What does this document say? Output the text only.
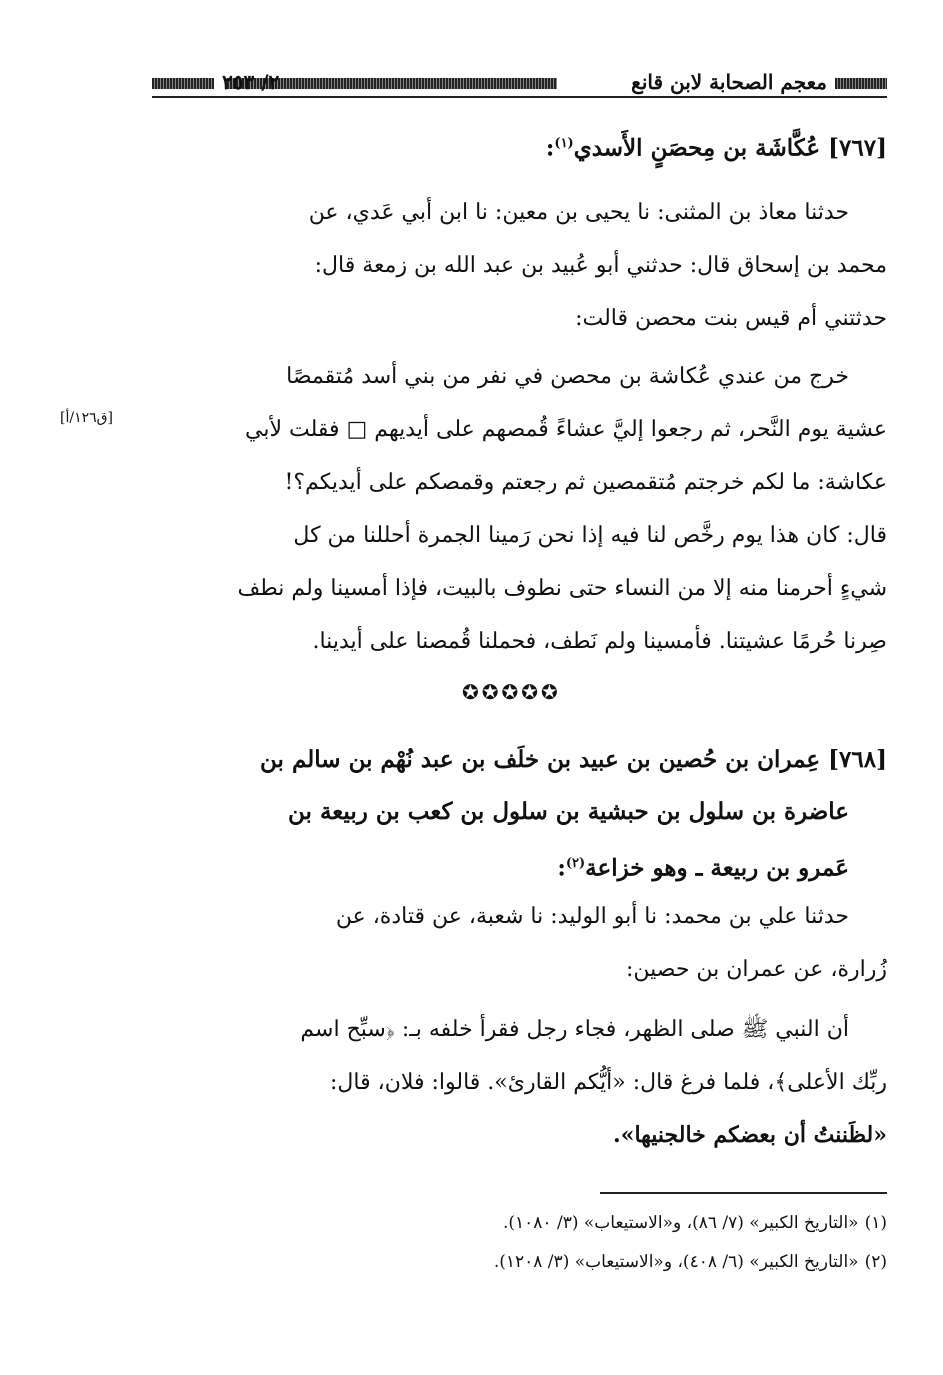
معجم الصحابة لابن قانع
٢/ ٢٥٣
[٧٦٧] عُكَّاشَة بن مِحصَنٍ الأَسدي$^{(١)}$:
حدثنا معاذ بن المثنى: نا يحيى بن معين: نا ابن أبي عَدي، عن
محمد بن إسحاق قال: حدثني أبو عُبيد بن عبد الله بن زمعة قال:
حدثتني أم قيس بنت محصن قالت:
خرج من عندي عُكاشة بن محصن في نفر من بني أسد مُتقمصًا
عشية يوم النَّحر، ثم رجعوا إليَّ عشاءً قُمصهم على أيديهم □ فقلت لأبي
عكاشة: ما لكم خرجتم مُتقمصين ثم رجعتم وقمصكم على أيديكم؟!
قال: كان هذا يوم رخَّص لنا فيه إذا نحن رَمينا الجمرة أحللنا من كل
شيءٍ أحرمنا منه إلا من النساء حتى نطوف بالبيت، فإذا أمسينا ولم نطف
صِرنا حُرمًا عشيتنا. فأمسينا ولم نَطف، فحملنا قُمصنا على أيدينا.
[ق١٢٦/أ]
✪✪✪✪✪
[٧٦٨] عِمران بن حُصين بن عبيد بن خلَف بن عبد نُهْم بن سالم بن
عاضرة بن سلول بن حبشية بن سلول بن كعب بن ربيعة بن
عَمرو بن ربيعة ـ وهو خزاعة$^{(٢)}$:
حدثنا علي بن محمد: نا أبو الوليد: نا شعبة، عن قتادة، عن
زُرارة، عن عمران بن حصين:
أن النبي ﷺ صلى الظهر، فجاء رجل فقرأ خلفه بـ: ﴿سبِّح اسم
ربِّك الأعلى﴾، فلما فرغ قال: «أيُّكم القارئ». قالوا: فلان، قال:
«لظَننتُ أن بعضكم خالجنيها».
(١)«التاريخ الكبير» (٧/ ٨٦)، و«الاستيعاب» (٣/ ١٠٨٠).
(٢)«التاريخ الكبير» (٦/ ٤٠٨)، و«الاستيعاب» (٣/ ١٢٠٨).
